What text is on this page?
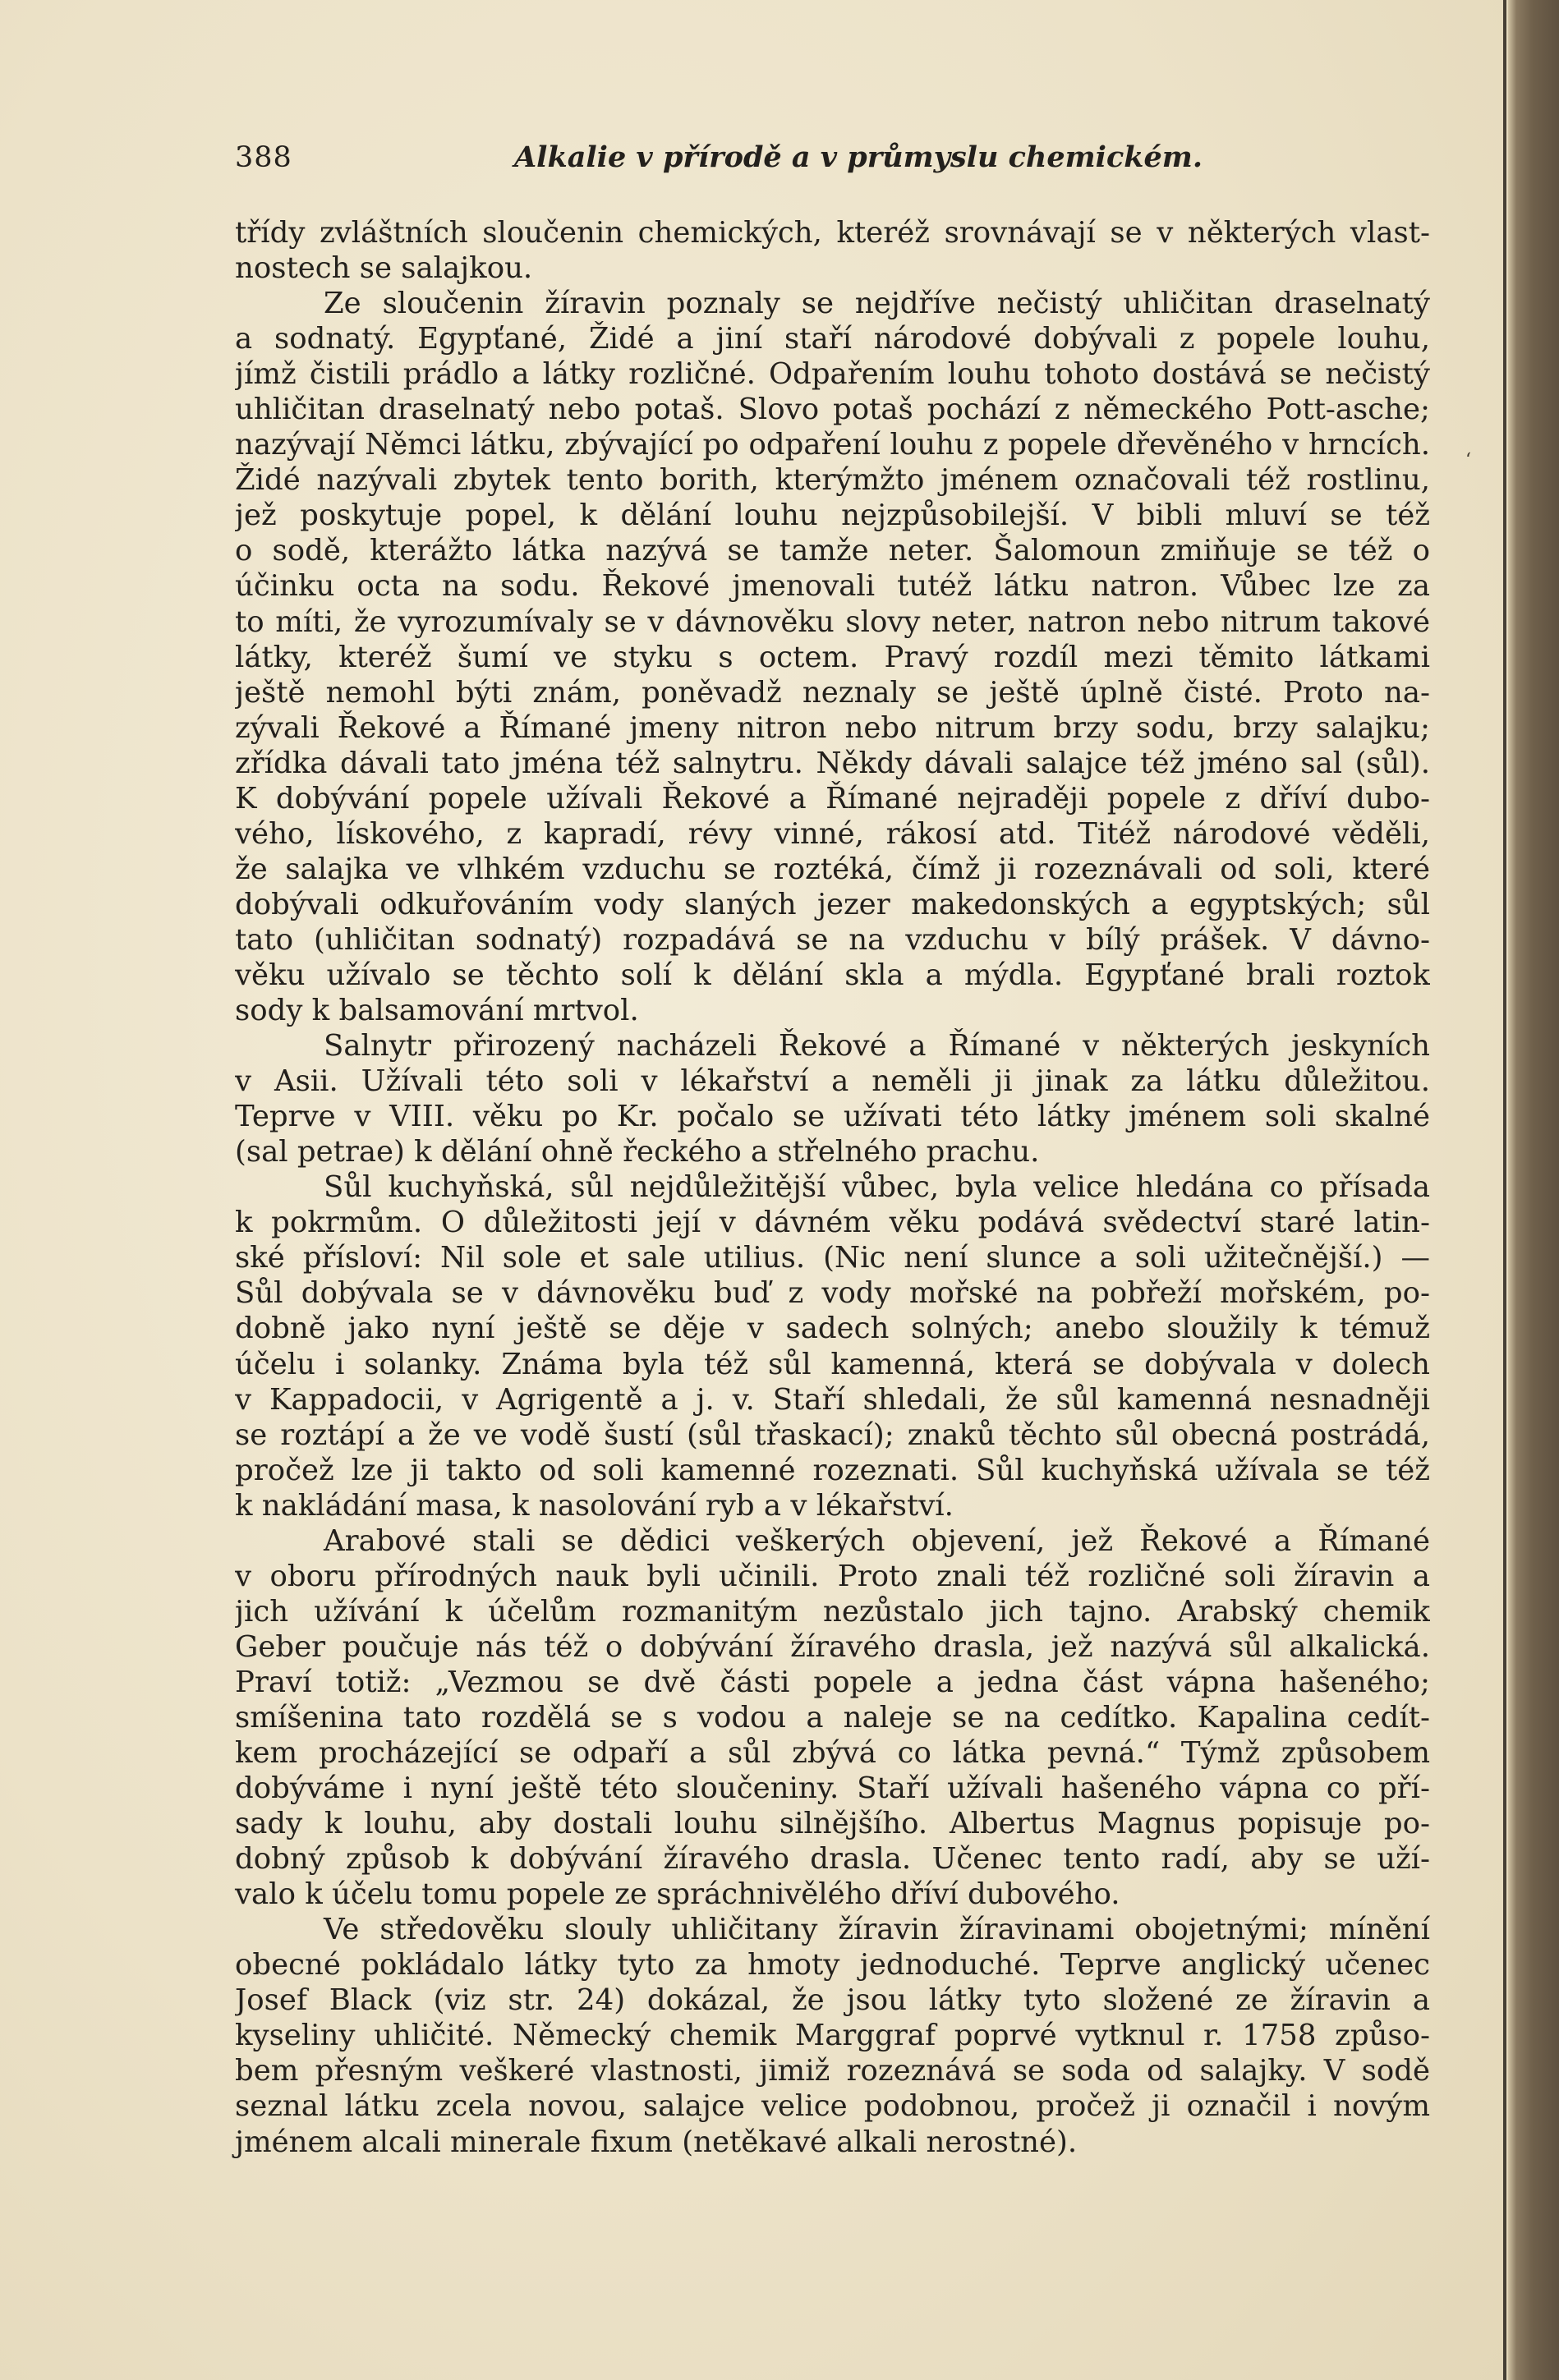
388	Alkalie v přírodě a v průmyslu chemickém.
třídy zvláštních sloučenin chemických, kteréž srovnávají se v některých vlast-
nostech se salajkou.
Ze sloučenin žíravin poznaly se nejdříve nečistý uhličitan draselnatý
a sodnatý. Egypťané, Židé a jiní staří národové dobývali z popele louhu,
jímž čistili prádlo a látky rozličné. Odpařením louhu tohoto dostává se nečistý
uhličitan draselnatý nebo potaš. Slovo potaš pochází z německého Pott-asche;
nazývají Němci látku, zbývající po odpaření louhu z popele dřevěného v hrncích.
Židé nazývali zbytek tento borith, kterýmžto jménem označovali též rostlinu,
jež poskytuje popel, k dělání louhu nejzpůsobilejší. V bibli mluví se též
o sodě, kterážto látka nazývá se tamže neter. Šalomoun zmiňuje se též o
účinku octa na sodu. Řekové jmenovali tutéž látku natron. Vůbec lze za
to míti, že vyrozumívaly se v dávnověku slovy neter, natron nebo nitrum takové
látky, kteréž šumí ve styku s octem. Pravý rozdíl mezi těmito látkami
ještě nemohl býti znám, poněvadž neznaly se ještě úplně čisté. Proto na-
zývali Řekové a Římané jmeny nitron nebo nitrum brzy sodu, brzy salajku;
zřídka dávali tato jména též salnytru. Někdy dávali salajce též jméno sal (sůl).
K dobývání popele užívali Řekové a Římané nejraději popele z dříví dubo-
vého, lískového, z kapradí, révy vinné, rákosí atd. Titéž národové věděli,
že salajka ve vlhkém vzduchu se roztéká, čímž ji rozeznávali od soli, které
dobývali odkuřováním vody slaných jezer makedonských a egyptských; sůl
tato (uhličitan sodnatý) rozpadává se na vzduchu v bílý prášek. V dávno-
věku užívalo se těchto solí k dělání skla a mýdla. Egypťané brali roztok
sody k balsamování mrtvol.
Salnytr přirozený nacházeli Řekové a Římané v některých jeskyních
v Asii. Užívali této soli v lékařství a neměli ji jinak za látku důležitou.
Teprve v VIII. věku po Kr. počalo se užívati této látky jménem soli skalné
(sal petrae) k dělání ohně řeckého a střelného prachu.
Sůl kuchyňská, sůl nejdůležitější vůbec, byla velice hledána co přísada
k pokrmům. O důležitosti její v dávném věku podává svědectví staré latin-
ské přísloví: Nil sole et sale utilius. (Nic není slunce a soli užitečnější.) —
Sůl dobývala se v dávnověku buď z vody mořské na pobřeží mořském, po-
dobně jako nyní ještě se děje v sadech solných; anebo sloužily k témuž
účelu i solanky. Známa byla též sůl kamenná, která se dobývala v dolech
v Kappadocii, v Agrigentě a j. v. Staří shledali, že sůl kamenná nesnadněji
se roztápí a že ve vodě šustí (sůl třaskací); znaků těchto sůl obecná postrádá,
pročež lze ji takto od soli kamenné rozeznati. Sůl kuchyňská užívala se též
k nakládání masa, k nasolování ryb a v lékařství.
Arabové stali se dědici veškerých objevení, jež Řekové a Římané
v oboru přírodných nauk byli učinili. Proto znali též rozličné soli žíravin a
jich užívání k účelům rozmanitým nezůstalo jich tajno. Arabský chemik
Geber poučuje nás též o dobývání žíravého drasla, jež nazývá sůl alkalická.
Praví totiž: „Vezmou se dvě části popele a jedna část vápna hašeného;
smíšenina tato rozdělá se s vodou a naleje se na cedítko. Kapalina cedít-
kem procházející se odpaří a sůl zbývá co látka pevná.“ Týmž způsobem
dobýváme i nyní ještě této sloučeniny. Staří užívali hašeného vápna co pří-
sady k louhu, aby dostali louhu silnějšího. Albertus Magnus popisuje po-
dobný způsob k dobývání žíravého drasla. Učenec tento radí, aby se uží-
valo k účelu tomu popele ze spráchnivělého dříví dubového.
Ve středověku slouly uhličitany žíravin žíravinami obojetnými; mínění
obecné pokládalo látky tyto za hmoty jednoduché. Teprve anglický učenec
Josef Black (viz str. 24) dokázal, že jsou látky tyto složené ze žíravin a
kyseliny uhličité. Německý chemik Marggraf poprvé vytknul r. 1758 způso-
bem přesným veškeré vlastnosti, jimiž rozeznává se soda od salajky. V sodě
seznal látku zcela novou, salajce velice podobnou, pročež ji označil i novým
jménem alcali minerale fixum (netěkavé alkali nerostné).
ʻ
